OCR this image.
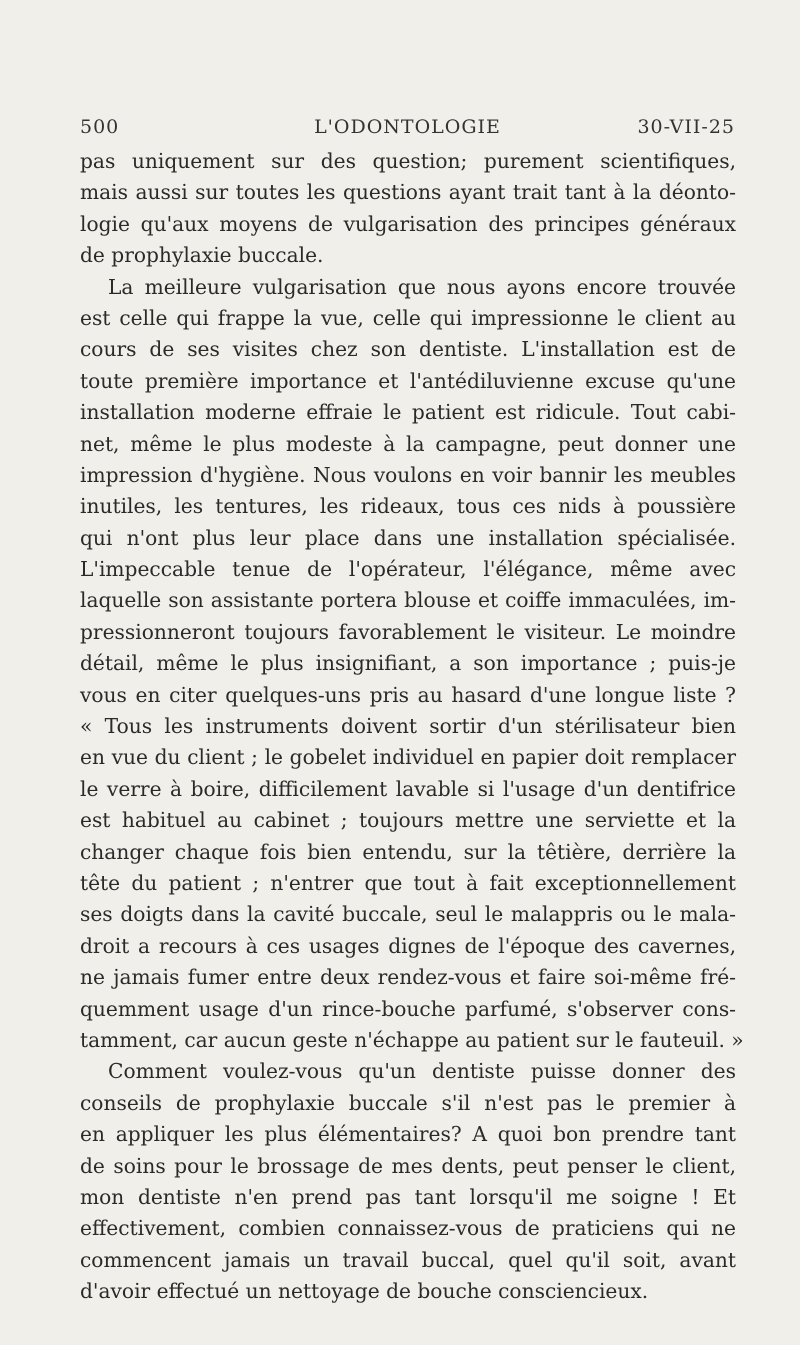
500	L'ODONTOLOGIE	30-VII-25
pas uniquement sur des question; purement scientifiques,
mais aussi sur toutes les questions ayant trait tant à la déonto-
logie qu'aux moyens de vulgarisation des principes généraux
de prophylaxie buccale.
La meilleure vulgarisation que nous ayons encore trouvée
est celle qui frappe la vue, celle qui impressionne le client au
cours de ses visites chez son dentiste. L'installation est de
toute première importance et l'antédiluvienne excuse qu'une
installation moderne effraie le patient est ridicule. Tout cabi-
net, même le plus modeste à la campagne, peut donner une
impression d'hygiène. Nous voulons en voir bannir les meubles
inutiles, les tentures, les rideaux, tous ces nids à poussière
qui n'ont plus leur place dans une installation spécialisée.
L'impeccable tenue de l'opérateur, l'élégance, même avec
laquelle son assistante portera blouse et coiffe immaculées, im-
pressionneront toujours favorablement le visiteur. Le moindre
détail, même le plus insignifiant, a son importance ; puis-je
vous en citer quelques-uns pris au hasard d'une longue liste ?
« Tous les instruments doivent sortir d'un stérilisateur bien
en vue du client ; le gobelet individuel en papier doit remplacer
le verre à boire, difficilement lavable si l'usage d'un dentifrice
est habituel au cabinet ; toujours mettre une serviette et la
changer chaque fois bien entendu, sur la têtière, derrière la
tête du patient ; n'entrer que tout à fait exceptionnellement
ses doigts dans la cavité buccale, seul le malappris ou le mala-
droit a recours à ces usages dignes de l'époque des cavernes,
ne jamais fumer entre deux rendez-vous et faire soi-même fré-
quemment usage d'un rince-bouche parfumé, s'observer cons-
tamment, car aucun geste n'échappe au patient sur le fauteuil. »
Comment voulez-vous qu'un dentiste puisse donner des
conseils de prophylaxie buccale s'il n'est pas le premier à
en appliquer les plus élémentaires? A quoi bon prendre tant
de soins pour le brossage de mes dents, peut penser le client,
mon dentiste n'en prend pas tant lorsqu'il me soigne ! Et
effectivement, combien connaissez-vous de praticiens qui ne
commencent jamais un travail buccal, quel qu'il soit, avant
d'avoir effectué un nettoyage de bouche consciencieux.
